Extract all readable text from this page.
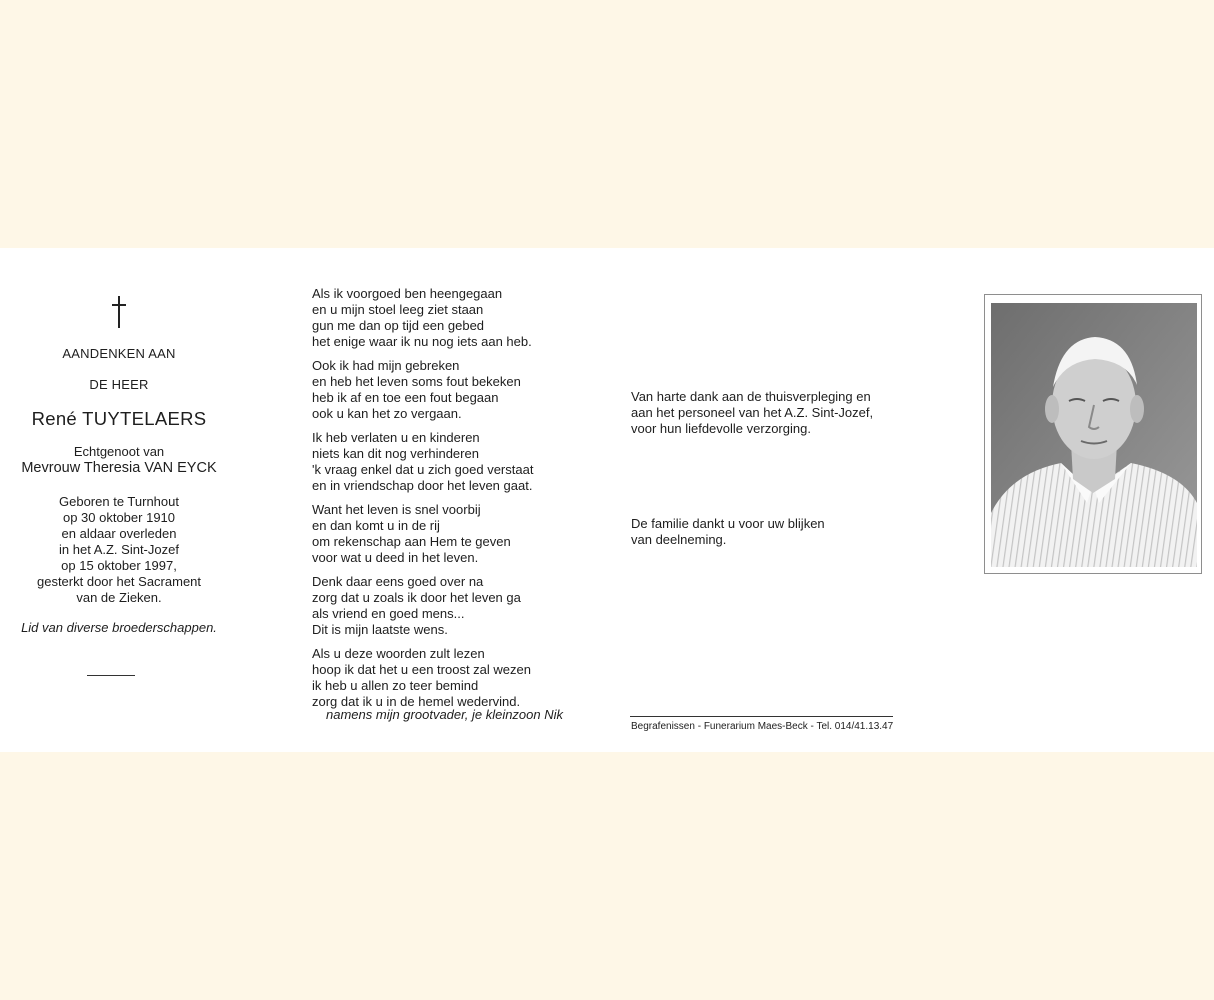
AANDENKEN AAN
DE HEER
René TUYTELAERS
Echtgenoot van
Mevrouw Theresia VAN EYCK
Geboren te Turnhout
op 30 oktober 1910
en aldaar overleden
in het A.Z. Sint-Jozef
op 15 oktober 1997,
gesterkt door het Sacrament
van de Zieken.
Lid van diverse broederschappen.
Als ik voorgoed ben heengegaan
en u mijn stoel leeg ziet staan
gun me dan op tijd een gebed
het enige waar ik nu nog iets aan heb.
Ook ik had mijn gebreken
en heb het leven soms fout bekeken
heb ik af en toe een fout begaan
ook u kan het zo vergaan.
Ik heb verlaten u en kinderen
niets kan dit nog verhinderen
'k vraag enkel dat u zich goed verstaat
en in vriendschap door het leven gaat.
Want het leven is snel voorbij
en dan komt u in de rij
om rekenschap aan Hem te geven
voor wat u deed in het leven.
Denk daar eens goed over na
zorg dat u zoals ik door het leven ga
als vriend en goed mens...
Dit is mijn laatste wens.
Als u deze woorden zult lezen
hoop ik dat het u een troost zal wezen
ik heb u allen zo teer bemind
zorg dat ik u in de hemel wedervind.
namens mijn grootvader, je kleinzoon Nik
Van harte dank aan de thuisverpleging en
aan het personeel van het A.Z. Sint-Jozef,
voor hun liefdevolle verzorging.
De familie dankt u voor uw blijken
van deelneming.
Begrafenissen - Funerarium Maes-Beck - Tel. 014/41.13.47
